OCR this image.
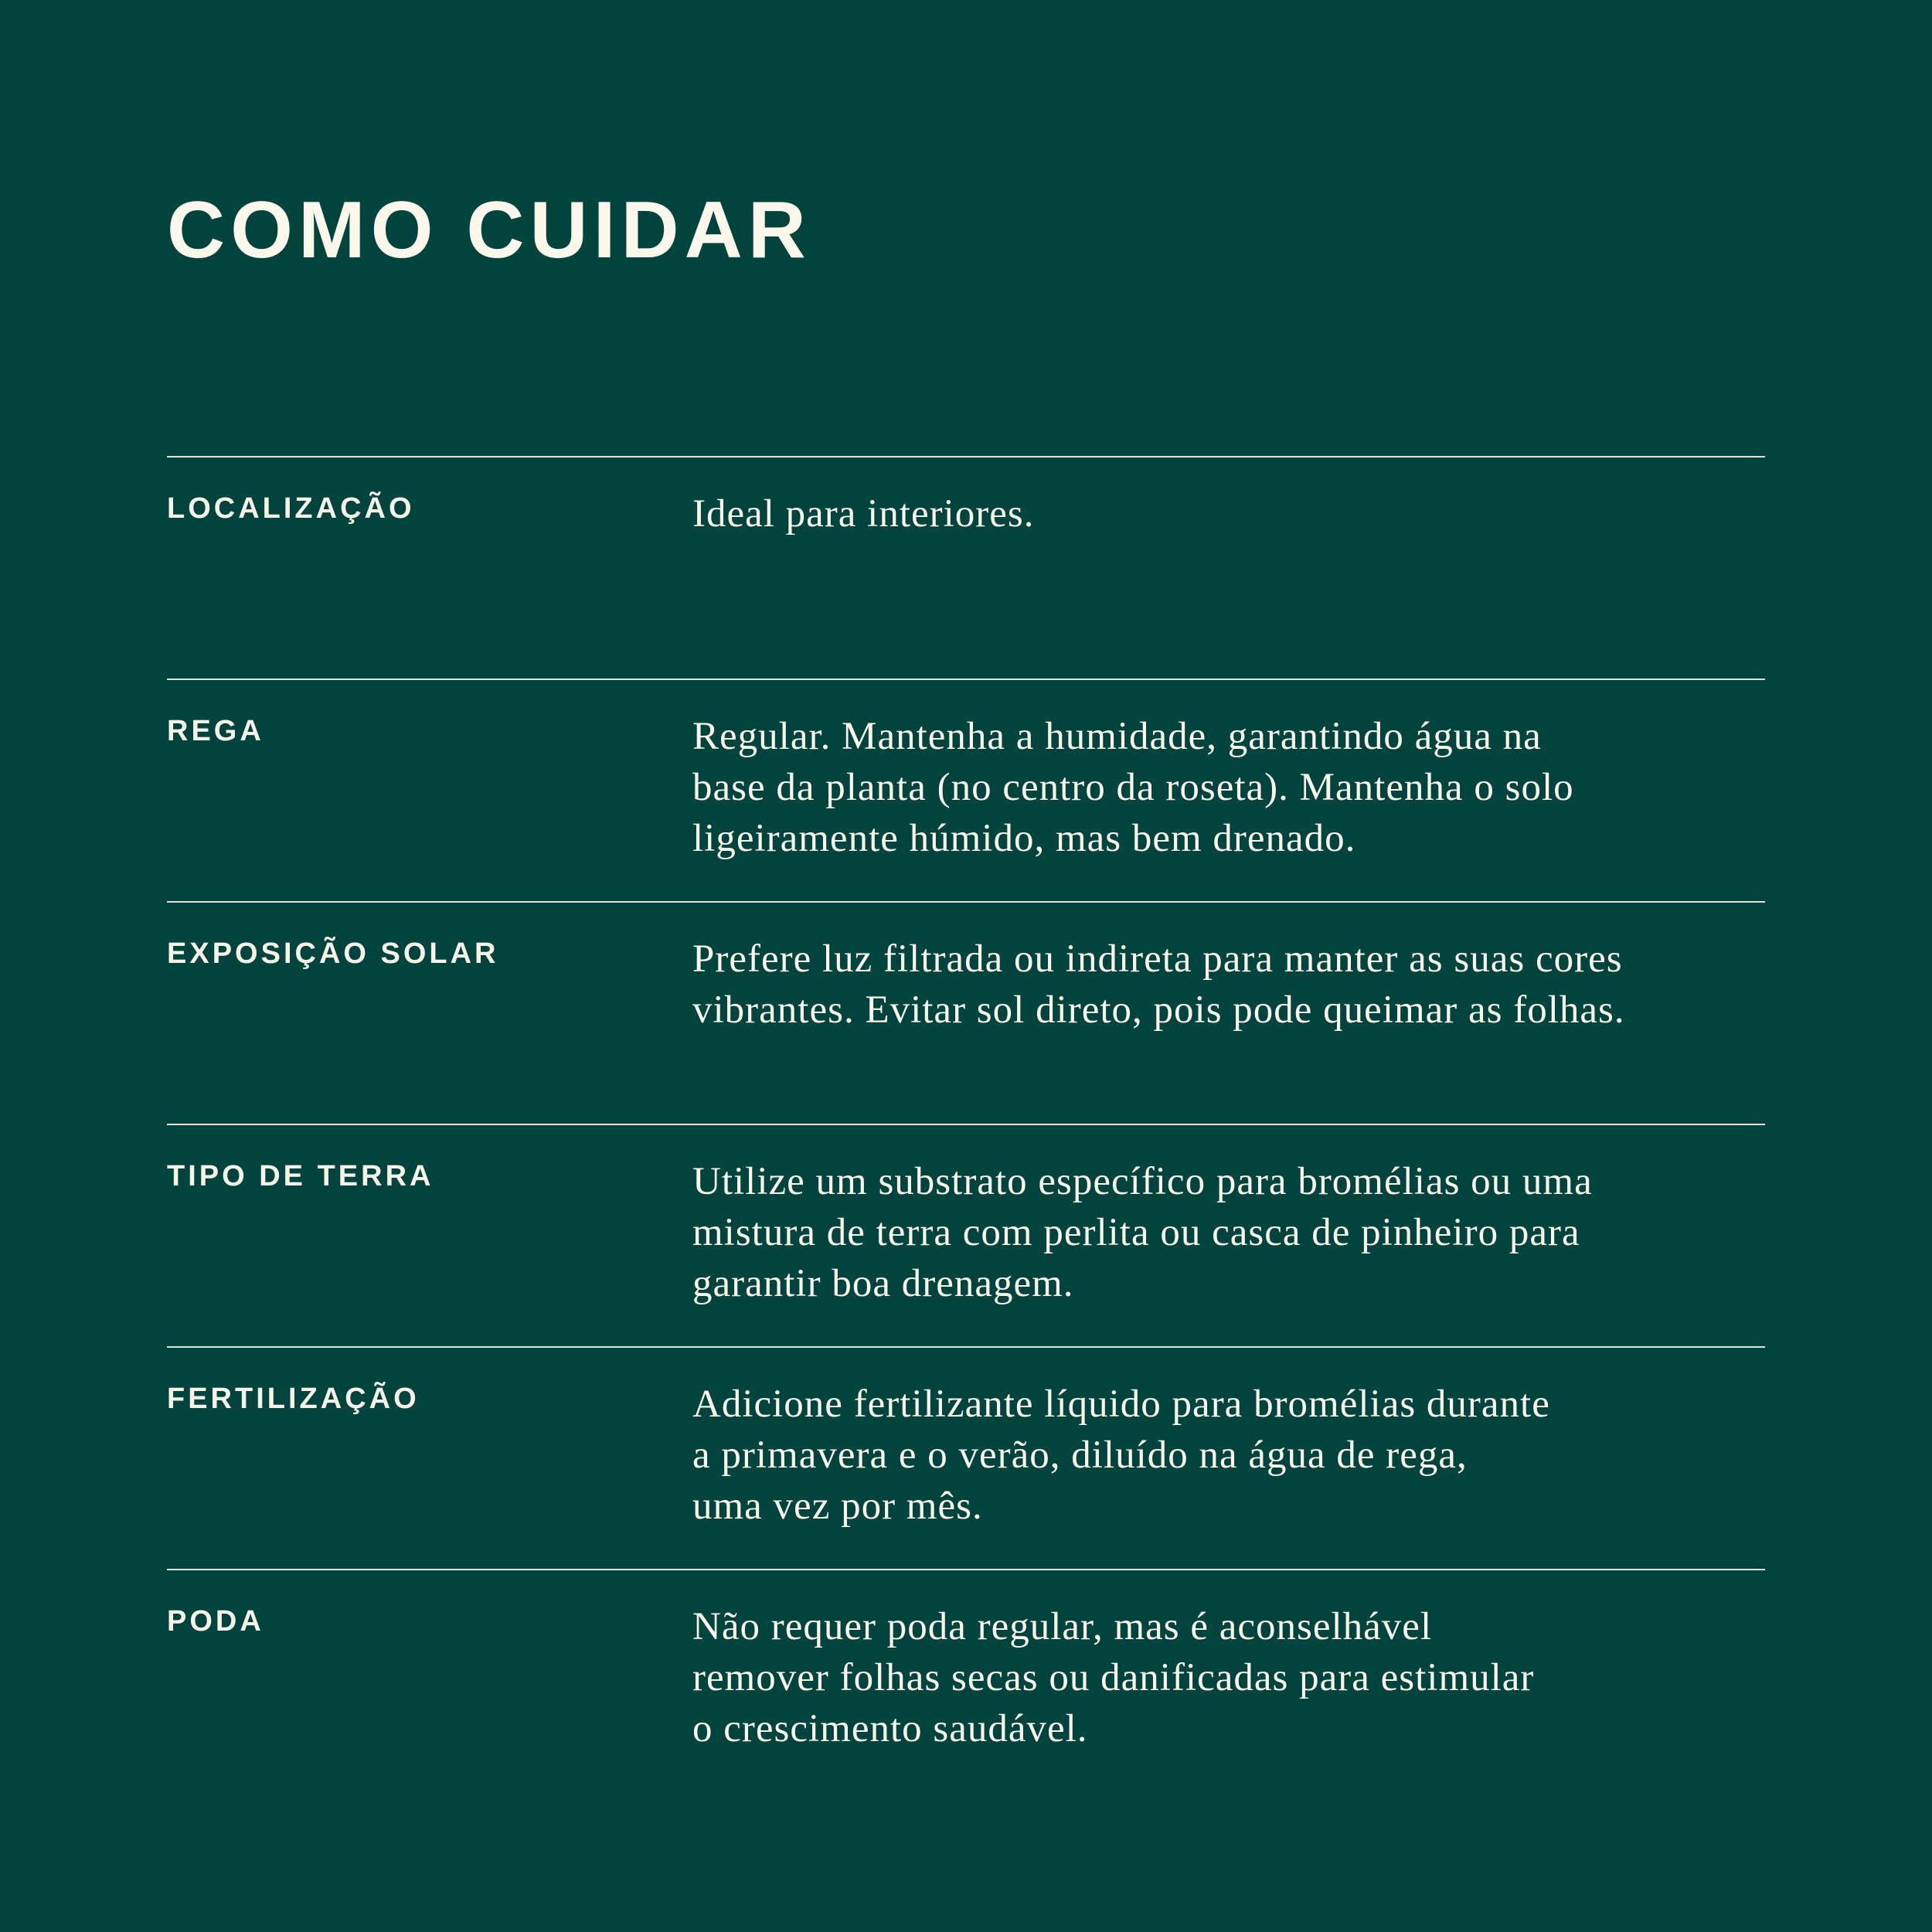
COMO CUIDAR
LOCALIZAÇÃO	Ideal para interiores.
REGA	Regular. Mantenha a humidade, garantindo água na
base da planta (no centro da roseta). Mantenha o solo
ligeiramente húmido, mas bem drenado.
EXPOSIÇÃO SOLAR	Prefere luz filtrada ou indireta para manter as suas cores
vibrantes. Evitar sol direto, pois pode queimar as folhas.
TIPO DE TERRA	Utilize um substrato específico para bromélias ou uma
mistura de terra com perlita ou casca de pinheiro para
garantir boa drenagem.
FERTILIZAÇÃO	Adicione fertilizante líquido para bromélias durante
a primavera e o verão, diluído na água de rega,
uma vez por mês.
PODA	Não requer poda regular, mas é aconselhável
remover folhas secas ou danificadas para estimular
o crescimento saudável.
